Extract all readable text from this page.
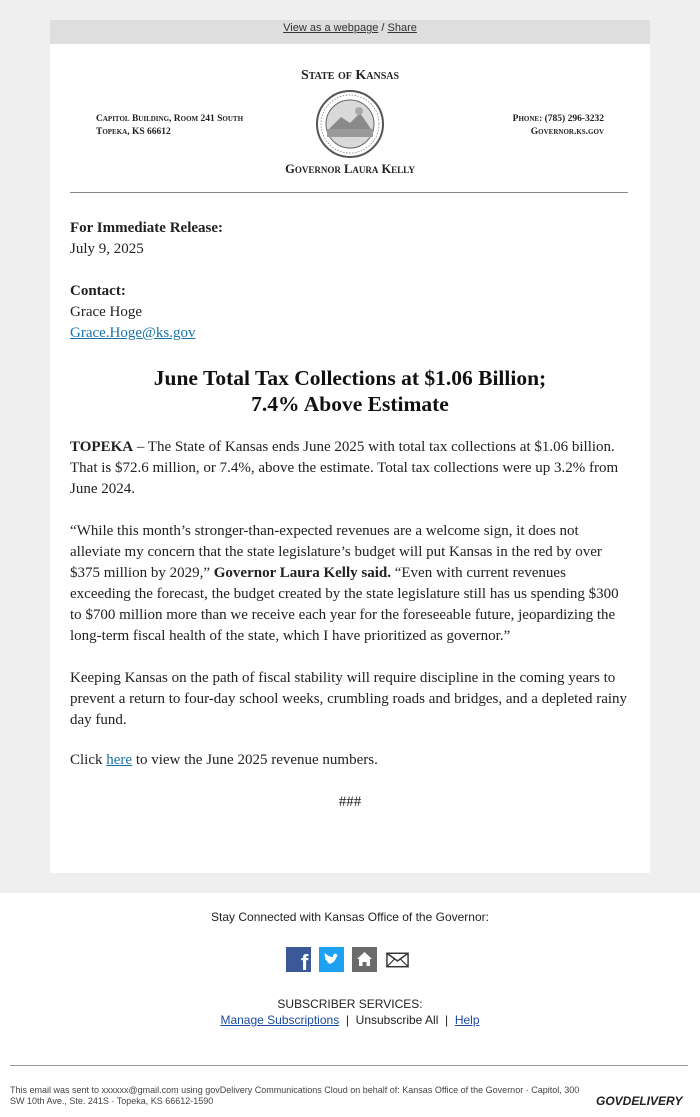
View as a webpage / Share
State of Kansas
Capitol Building, Room 241 South
Topeka, KS 66612
Phone: (785) 296-3232
Governor.ks.gov
Governor Laura Kelly

For Immediate Release:

July 9, 2025

Contact:

Grace Hoge

Grace.Hoge@ks.gov

June Total Tax Collections at $1.06 Billion;
7.4% Above Estimate

TOPEKA – The State of Kansas ends June 2025 with total tax collections at $1.06 billion. That is $72.6 million, or 7.4%, above the estimate. Total tax collections were up 3.2% from June 2024.

“While this month’s stronger-than-expected revenues are a welcome sign, it does not alleviate my concern that the state legislature’s budget will put Kansas in the red by over $375 million by 2029,” Governor Laura Kelly said. “Even with current revenues exceeding the forecast, the budget created by the state legislature still has us spending $300 to $700 million more than we receive each year for the foreseeable future, jeopardizing the long-term fiscal health of the state, which I have prioritized as governor.”

Keeping Kansas on the path of fiscal stability will require discipline in the coming years to prevent a return to four-day school weeks, crumbling roads and bridges, and a depleted rainy day fund.

Click here to view the June 2025 revenue numbers.

###

Stay Connected with Kansas Office of the Governor:
f
SUBSCRIBER SERVICES:
Manage Subscriptions | Unsubscribe All | Help
This email was sent to xxxxxx@gmail.com using govDelivery Communications Cloud on behalf of: Kansas Office of the Governor · Capitol, 300 SW 10th Ave., Ste. 241S · Topeka, KS 66612-1590	GOVDELIVERY
